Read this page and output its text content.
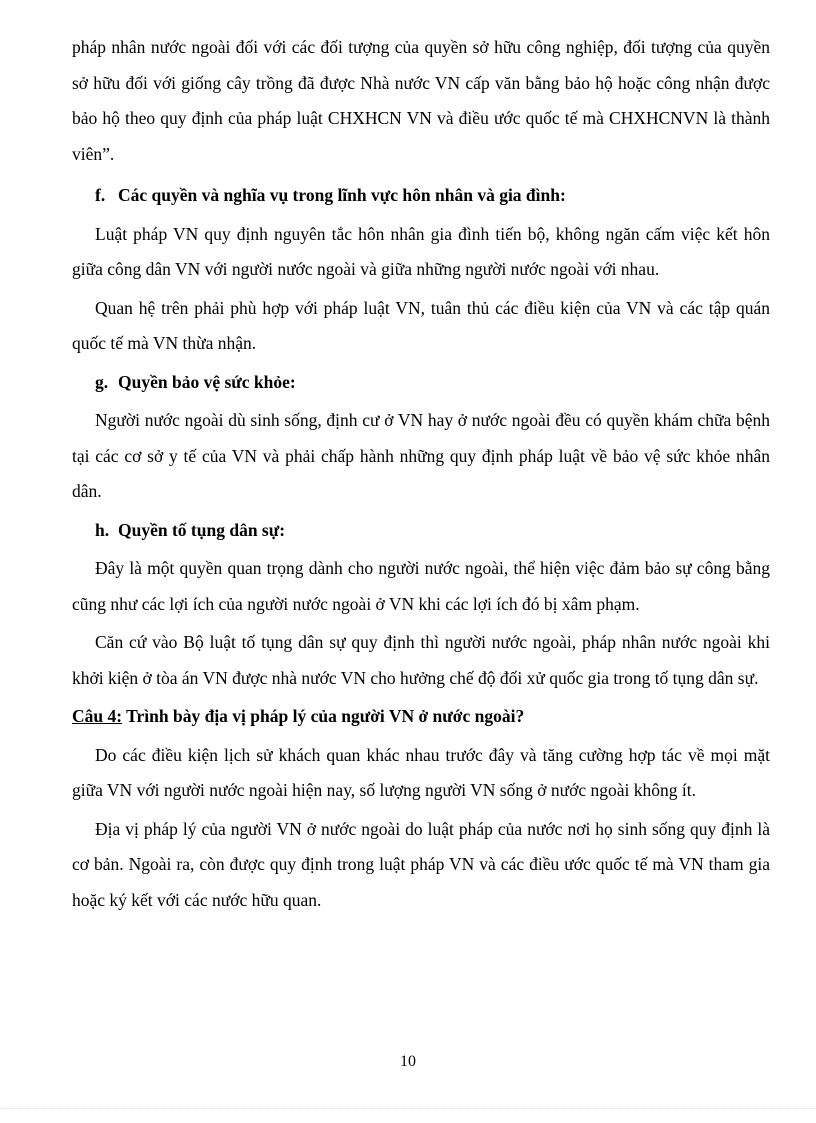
pháp nhân nước ngoài đối với các đối tượng của quyền sở hữu công nghiệp, đối tượng của quyền sở hữu đối với giống cây trồng đã được Nhà nước VN cấp văn bằng bảo hộ hoặc công nhận được bảo hộ theo quy định của pháp luật CHXHCN VN và điều ước quốc tế mà CHXHCNVN là thành viên”.

f. Các quyền và nghĩa vụ trong lĩnh vực hôn nhân và gia đình:

Luật pháp VN quy định nguyên tắc hôn nhân gia đình tiến bộ, không ngăn cấm việc kết hôn giữa công dân VN với người nước ngoài và giữa những người nước ngoài với nhau.

Quan hệ trên phải phù hợp với pháp luật VN, tuân thủ các điều kiện của VN và các tập quán quốc tế mà VN thừa nhận.

g. Quyền bảo vệ sức khỏe:

Người nước ngoài dù sinh sống, định cư ở VN hay ở nước ngoài đều có quyền khám chữa bệnh tại các cơ sở y tế của VN và phải chấp hành những quy định pháp luật về bảo vệ sức khỏe nhân dân.

h. Quyền tố tụng dân sự:

Đây là một quyền quan trọng dành cho người nước ngoài, thể hiện việc đảm bảo sự công bằng cũng như các lợi ích của người nước ngoài ở VN khi các lợi ích đó bị xâm phạm.

Căn cứ vào Bộ luật tố tụng dân sự quy định thì người nước ngoài, pháp nhân nước ngoài khi khởi kiện ở tòa án VN được nhà nước VN cho hưởng chế độ đối xử quốc gia trong tố tụng dân sự.

Câu 4: Trình bày địa vị pháp lý của người VN ở nước ngoài?

Do các điều kiện lịch sử khách quan khác nhau trước đây và tăng cường hợp tác về mọi mặt giữa VN với người nước ngoài hiện nay, số lượng người VN sống ở nước ngoài không ít.

Địa vị pháp lý của người VN ở nước ngoài do luật pháp của nước nơi họ sinh sống quy định là cơ bản. Ngoài ra, còn được quy định trong luật pháp VN và các điều ước quốc tế mà VN tham gia hoặc ký kết với các nước hữu quan.

10
